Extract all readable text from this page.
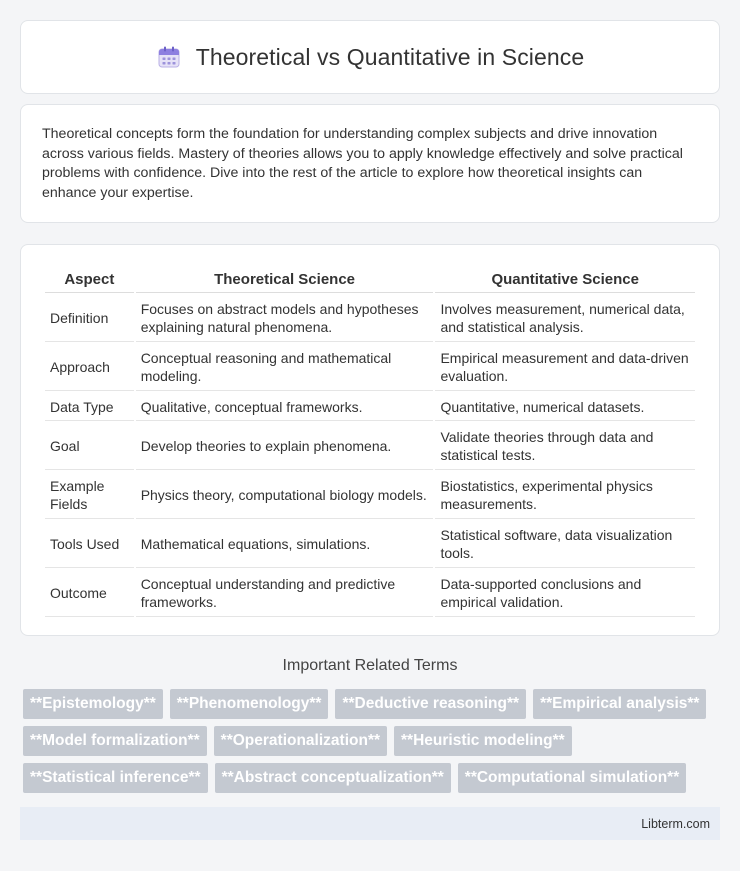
Theoretical vs Quantitative in Science

Theoretical concepts form the foundation for understanding complex subjects and drive innovation across various fields. Mastery of theories allows you to apply knowledge effectively and solve practical problems with confidence. Dive into the rest of the article to explore how theoretical insights can enhance your expertise.

Aspect	Theoretical Science	Quantitative Science
Definition	Focuses on abstract models and hypotheses explaining natural phenomena.	Involves measurement, numerical data, and statistical analysis.
Approach	Conceptual reasoning and mathematical modeling.	Empirical measurement and data-driven evaluation.
Data Type	Qualitative, conceptual frameworks.	Quantitative, numerical datasets.
Goal	Develop theories to explain phenomena.	Validate theories through data and statistical tests.
Example Fields	Physics theory, computational biology models.	Biostatistics, experimental physics measurements.
Tools Used	Mathematical equations, simulations.	Statistical software, data visualization tools.
Outcome	Conceptual understanding and predictive frameworks.	Data-supported conclusions and empirical validation.
Important Related Terms
**Epistemology**	**Phenomenology**	**Deductive reasoning**	**Empirical analysis**
**Model formalization**	**Operationalization**	**Heuristic modeling**
**Statistical inference**	**Abstract conceptualization**	**Computational simulation**
Libterm.com
